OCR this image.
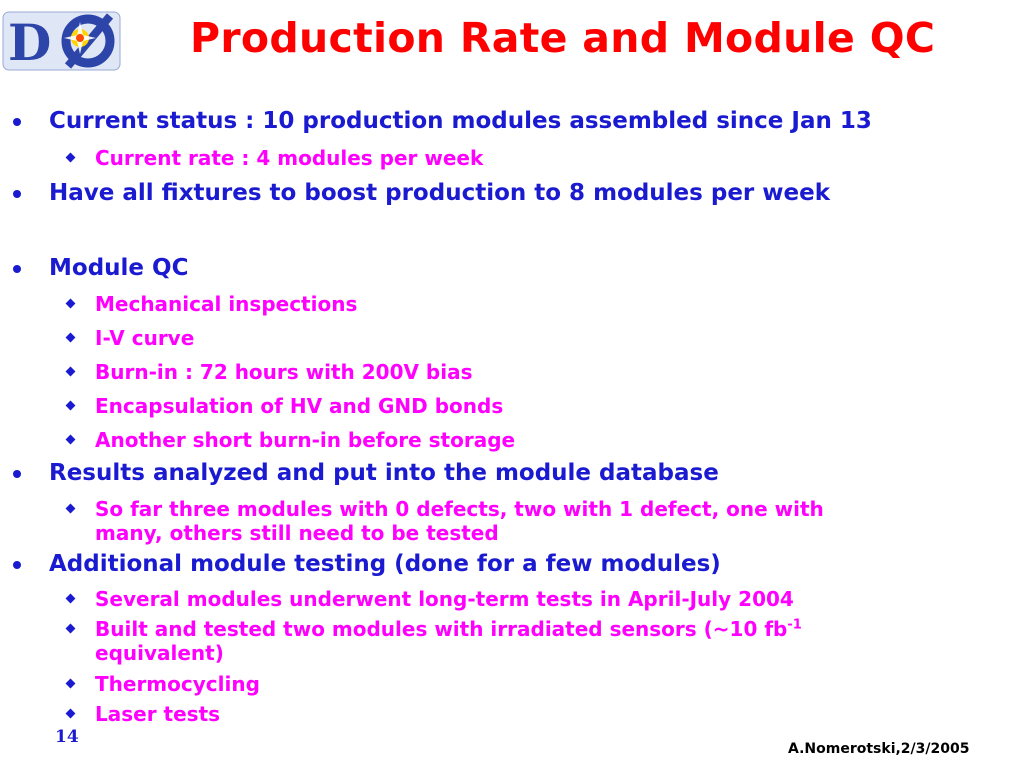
D	Production Rate and Module QC
Current status : 10 production modules assembled since Jan 13
Current rate : 4 modules per week
Have all fixtures to boost production to 8 modules per week
Module QC
Mechanical inspections
I-V curve
Burn-in : 72 hours with 200V bias
Encapsulation of HV and GND bonds
Another short burn-in before storage
Results analyzed and put into the module database
So far three modules with 0 defects, two with 1 defect, one with
many, others still need to be tested
Additional module testing (done for a few modules)
Several modules underwent long-term tests in April-July 2004
Built and tested two modules with irradiated sensors (~10 $fb^{-1}$
equivalent)
Thermocycling
Laser tests
14
A.Nomerotski,2/3/2005
